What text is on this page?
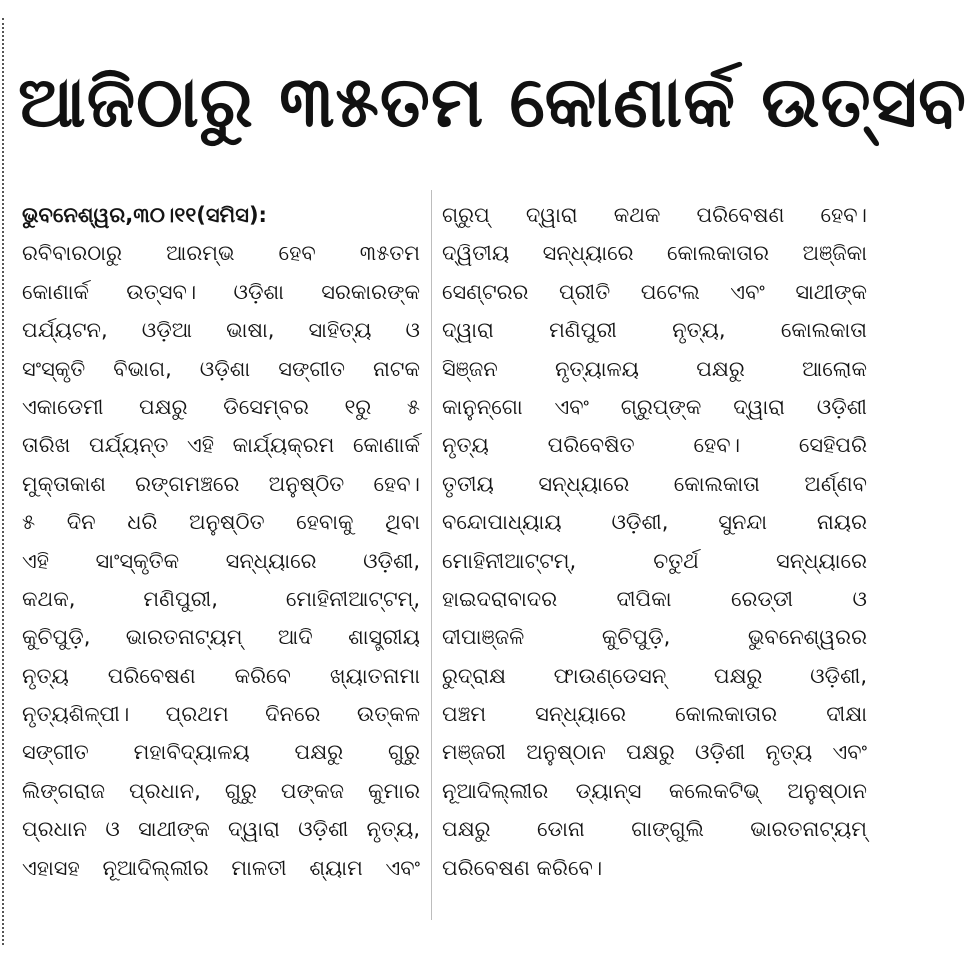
ଆଜିଠାରୁ ୩୫ତମ କୋଣାର୍କ ଉତ୍ସବ
ଭୁବନେଶ୍ୱର,୩୦।୧୧(ସମିସ):
ରବିବାରଠାରୁ ଆରମ୍ଭ ହେବ ୩୫ତମ
କୋଣାର୍କ ଉତ୍ସବ। ଓଡ଼ିଶା ସରକାରଙ୍କ
ପର୍ଯ୍ୟଟନ, ଓଡ଼ିଆ ଭାଷା, ସାହିତ୍ୟ ଓ
ସଂସ୍କୃତି ବିଭାଗ, ଓଡ଼ିଶା ସଙ୍ଗୀତ ନାଟକ
ଏକାଡେମୀ ପକ୍ଷରୁ ଡିସେମ୍ବର ୧ରୁ ୫
ତାରିଖ ପର୍ଯ୍ୟନ୍ତ ଏହି କାର୍ଯ୍ୟକ୍ରମ କୋଣାର୍କ
ମୁକ୍ତାକାଶ ରଙ୍ଗମଞ୍ଚରେ ଅନୁଷ୍ଠିତ ହେବ।
୫ ଦିନ ଧରି ଅନୁଷ୍ଠିତ ହେବାକୁ ଥିବା
ଏହି ସାଂସ୍କୃତିକ ସନ୍ଧ୍ୟାରେ ଓଡ଼ିଶୀ,
କଥକ, ମଣିପୁରୀ, ମୋହିନୀଆଟ୍ଟମ୍,
କୁଚିପୁଡ଼ି, ଭାରତନାଟ୍ୟମ୍ ଆଦି ଶାସ୍ତ୍ରୀୟ
ନୃତ୍ୟ ପରିବେଷଣ କରିବେ ଖ୍ୟାତନାମା
ନୃତ୍ୟଶିଳ୍ପୀ। ପ୍ରଥମ ଦିନରେ ଉତ୍କଳ
ସଙ୍ଗୀତ ମହାବିଦ୍ୟାଳୟ ପକ୍ଷରୁ ଗୁରୁ
ଲିଙ୍ଗରାଜ ପ୍ରଧାନ, ଗୁରୁ ପଙ୍କଜ କୁମାର
ପ୍ରଧାନ ଓ ସାଥୀଙ୍କ ଦ୍ୱାରା ଓଡ଼ିଶୀ ନୃତ୍ୟ,
ଏହାସହ ନୂଆଦିଲ୍ଲୀର ମାଳତୀ ଶ୍ୟାମ ଏବଂ
ଗ୍ରୁପ୍ ଦ୍ୱାରା କଥକ ପରିବେଷଣ ହେବ।
ଦ୍ୱିତୀୟ ସନ୍ଧ୍ୟାରେ କୋଲକାତାର ଅଞ୍ଜିକା
ସେଣ୍ଟରର ପ୍ରୀତି ପଟେଲ ଏବଂ ସାଥୀଙ୍କ
ଦ୍ୱାରା ମଣିପୁରୀ ନୃତ୍ୟ, କୋଲକାତା
ସିଞ୍ଜନ ନୃତ୍ୟାଳୟ ପକ୍ଷରୁ ଆଲୋକ
କାନୁନ୍‌ଗୋ ଏବଂ ଗ୍ରୁପ୍‌ଙ୍କ ଦ୍ୱାରା ଓଡ଼ିଶୀ
ନୃତ୍ୟ ପରିବେଷିତ ହେବ। ସେହିପରି
ତୃତୀୟ ସନ୍ଧ୍ୟାରେ କୋଲକାତା ଅର୍ଣ୍ଣବ
ବନ୍ଦୋପାଧ୍ୟାୟ ଓଡ଼ିଶୀ, ସୁନନ୍ଦା ନାୟର
ମୋହିନୀଆଟ୍ଟମ୍, ଚତୁର୍ଥ ସନ୍ଧ୍ୟାରେ
ହାଇଦରାବାଦର ଦୀପିକା ରେଡ୍ଡୀ ଓ
ଦୀପାଞ୍ଜଳି କୁଚିପୁଡ଼ି, ଭୁବନେଶ୍ୱରର
ରୁଦ୍ରାକ୍ଷ ଫାଉଣ୍ଡେସନ୍ ପକ୍ଷରୁ ଓଡ଼ିଶୀ,
ପଞ୍ଚମ ସନ୍ଧ୍ୟାରେ କୋଲକାତାର ଦୀକ୍ଷା
ମଞ୍ଜରୀ ଅନୁଷ୍ଠାନ ପକ୍ଷରୁ ଓଡ଼ିଶୀ ନୃତ୍ୟ ଏବଂ
ନୂଆଦିଲ୍ଲୀର ଡ୍ୟାନ୍ସ କଲେକଟିଭ୍ ଅନୁଷ୍ଠାନ
ପକ୍ଷରୁ ଡୋନା ଗାଙ୍ଗୁଲି ଭାରତନାଟ୍ୟମ୍
ପରିବେଷଣ କରିବେ।
